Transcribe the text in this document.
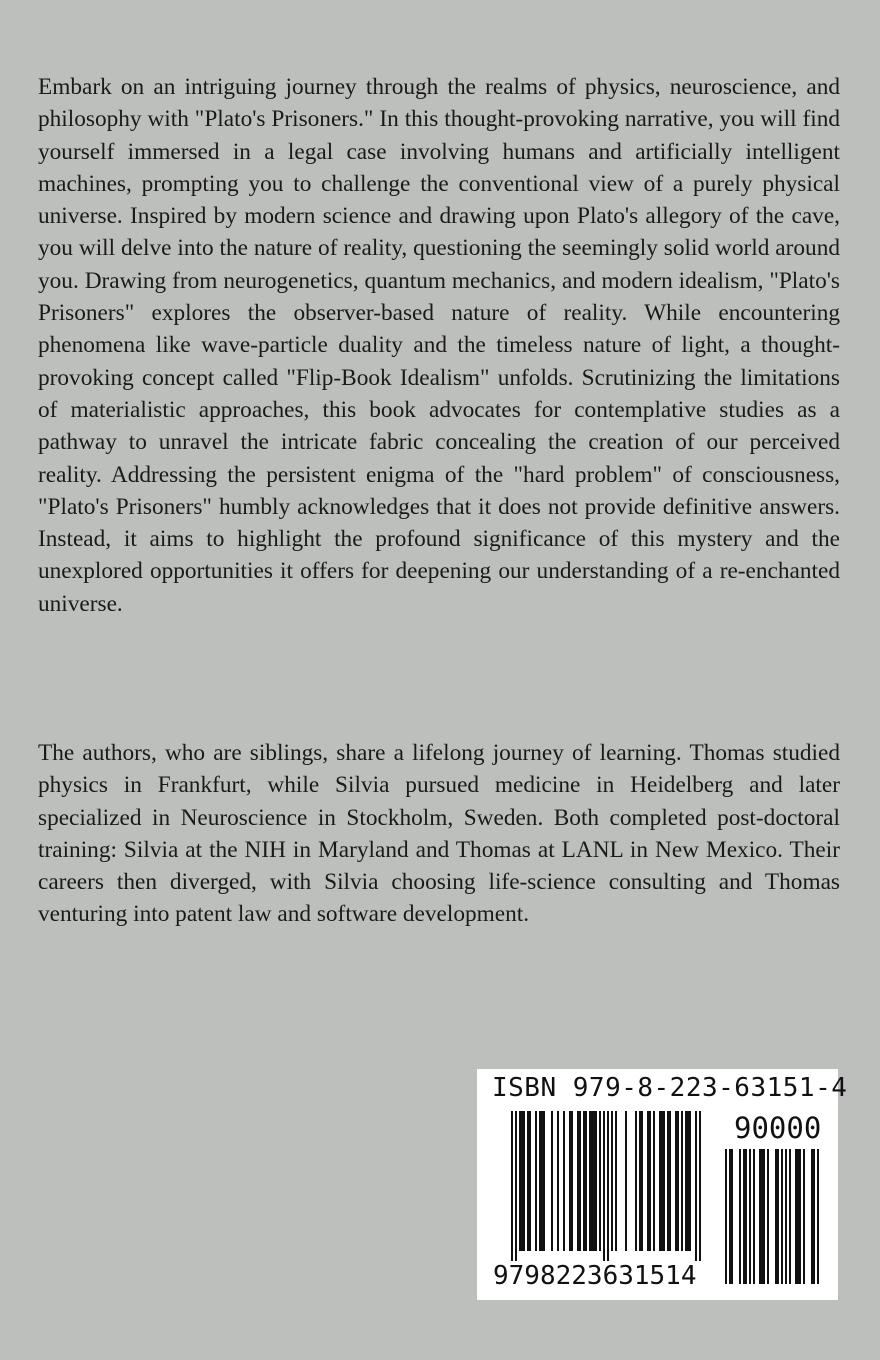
Embark on an intriguing journey through the realms of physics, neuroscience, and philosophy with "Plato's Prisoners." In this thought-provoking narrative, you will find yourself immersed in a legal case involving humans and artificially intelligent machines, prompting you to challenge the conventional view of a purely physical universe. Inspired by modern science and drawing upon Plato's allegory of the cave, you will delve into the nature of reality, questioning the seemingly solid world around you. Drawing from neurogenetics, quantum mechanics, and modern idealism, "Plato's Prisoners" explores the observer-based nature of reality. While encountering phenomena like wave-particle duality and the timeless nature of light, a thought-provoking concept called "Flip-Book Idealism" unfolds. Scrutinizing the limitations of materialistic approaches, this book advocates for contemplative studies as a pathway to unravel the intricate fabric concealing the creation of our perceived reality. Addressing the persistent enigma of the "hard problem" of consciousness, "Plato's Prisoners" humbly acknowledges that it does not provide definitive answers. Instead, it aims to highlight the profound significance of this mystery and the unexplored opportunities it offers for deepening our understanding of a re-enchanted universe.

The authors, who are siblings, share a lifelong journey of learning. Thomas studied physics in Frankfurt, while Silvia pursued medicine in Heidelberg and later specialized in Neuroscience in Stockholm, Sweden. Both completed post-doctoral training: Silvia at the NIH in Maryland and Thomas at LANL in New Mexico. Their careers then diverged, with Silvia choosing life-science consulting and Thomas venturing into patent law and software development.

ISBN 979-8-223-63151-4
90000
9798223631514
